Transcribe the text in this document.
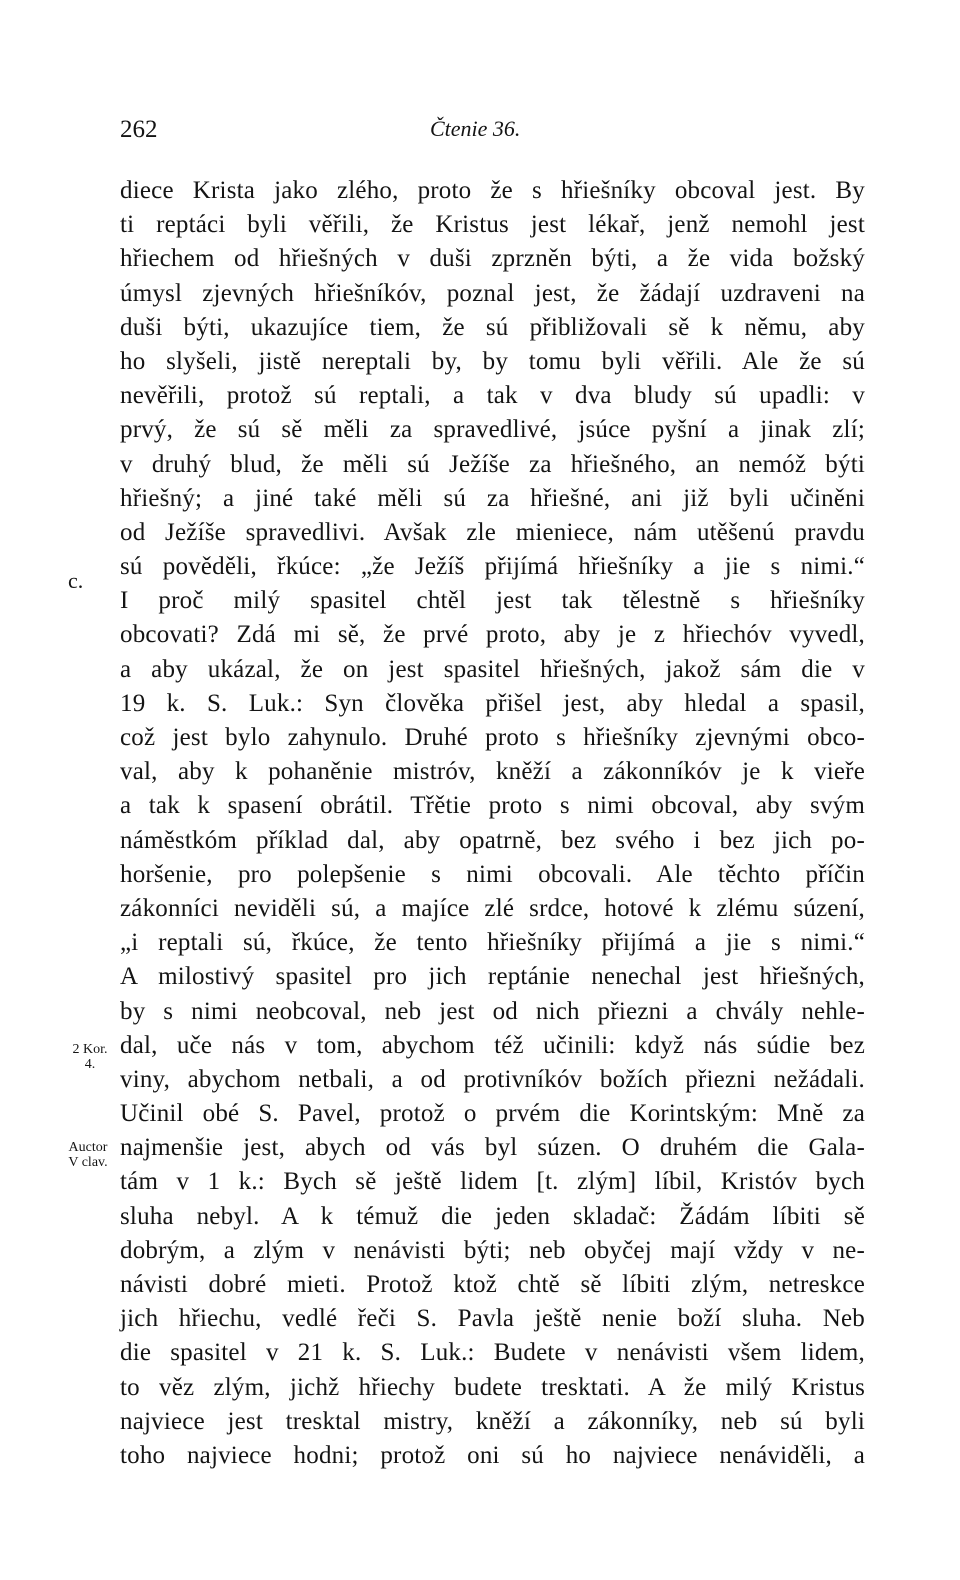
262	Čtenie 36.
c.
2 Kor.
4.
Auctor
V clav.
diece Krista jako zlého, proto že s hřiešníky obcoval jest. By
ti reptáci byli věřili, že Kristus jest lékař, jenž nemohl jest
hřiechem od hřiešných v duši zprzněn býti, a že vida božský
úmysl zjevných hřiešníkóv, poznal jest, že žádají uzdraveni na
duši býti, ukazujíce tiem, že sú přibližovali sě k němu, aby
ho slyšeli, jistě nereptali by, by tomu byli věřili. Ale že sú
nevěřili, protož sú reptali, a tak v dva bludy sú upadli: v
prvý, že sú sě měli za spravedlivé, jsúce pyšní a jinak zlí;
v druhý blud, že měli sú Ježíše za hřiešného, an nemóž býti
hřiešný; a jiné také měli sú za hřiešné, ani již byli učiněni
od Ježíše spravedlivi. Avšak zle mieniece, nám utěšenú pravdu
sú pověděli, řkúce: „že Ježíš přijímá hřiešníky a jie s nimi.“
I proč milý spasitel chtěl jest tak tělestně s hřiešníky
obcovati? Zdá mi sě, že prvé proto, aby je z hřiechóv vyvedl,
a aby ukázal, že on jest spasitel hřiešných, jakož sám die v
19 k. S. Luk.: Syn člověka přišel jest, aby hledal a spasil,
což jest bylo zahynulo. Druhé proto s hřiešníky zjevnými obco-
val, aby k pohaněnie mistróv, kněží a zákonníkóv je k vieře
a tak k spasení obrátil. Třětie proto s nimi obcoval, aby svým
náměstkóm příklad dal, aby opatrně, bez svého i bez jich po-
horšenie, pro polepšenie s nimi obcovali. Ale těchto příčin
zákonníci neviděli sú, a majíce zlé srdce, hotové k zlému súzení,
„i reptali sú, řkúce, že tento hřiešníky přijímá a jie s nimi.“
A milostivý spasitel pro jich reptánie nenechal jest hřiešných,
by s nimi neobcoval, neb jest od nich přiezni a chvály nehle-
dal, uče nás v tom, abychom též učinili: když nás súdie bez
viny, abychom netbali, a od protivníkóv božích přiezni nežádali.
Učinil obé S. Pavel, protož o prvém die Korintským: Mně za
najmenšie jest, abych od vás byl súzen. O druhém die Gala-
tám v 1 k.: Bych sě ještě lidem [t. zlým] líbil, Kristóv bych
sluha nebyl. A k témuž die jeden skladač: Žádám líbiti sě
dobrým, a zlým v nenávisti býti; neb obyčej mají vždy v ne-
návisti dobré mieti. Protož ktož chtě sě líbiti zlým, netreskce
jich hřiechu, vedlé řeči S. Pavla ještě nenie boží sluha. Neb
die spasitel v 21 k. S. Luk.: Budete v nenávisti všem lidem,
to věz zlým, jichž hřiechy budete tresktati. A že milý Kristus
najviece jest tresktal mistry, kněží a zákonníky, neb sú byli
toho najviece hodni; protož oni sú ho najviece nenáviděli, a
